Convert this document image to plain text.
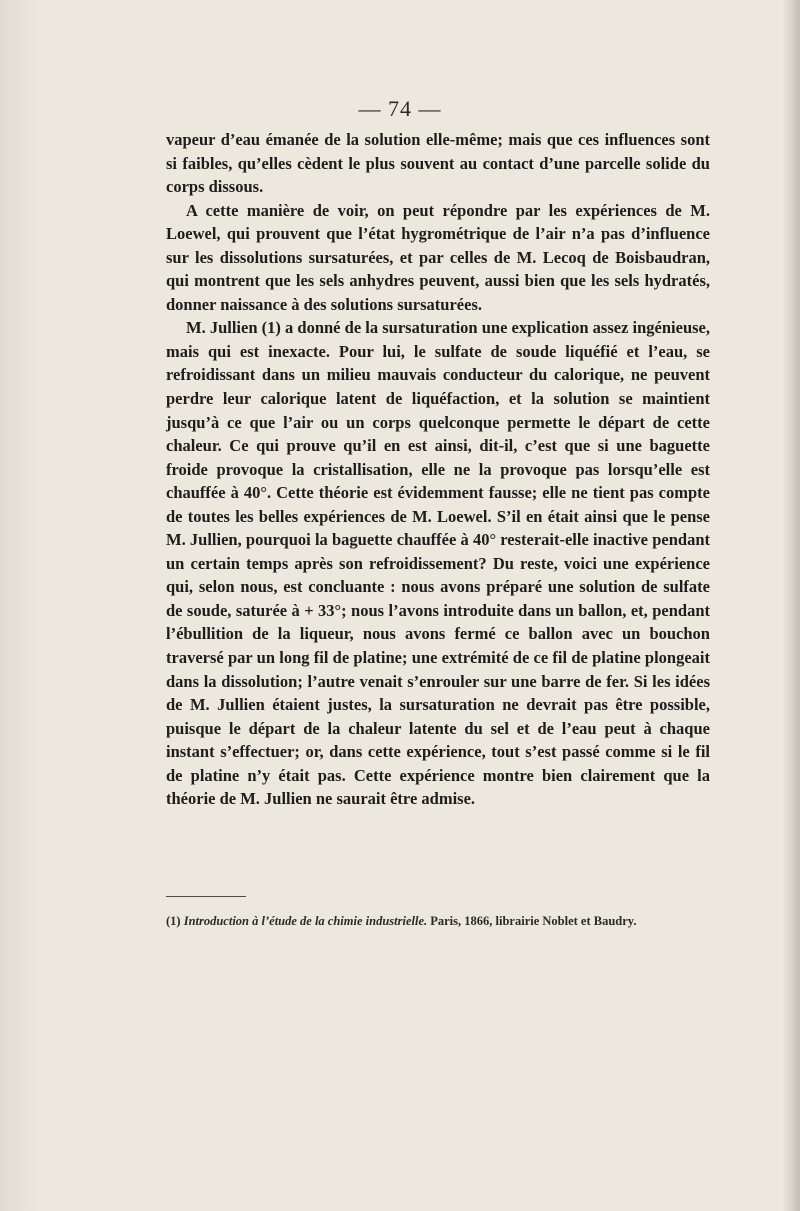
— 74 —

vapeur d’eau émanée de la solution elle-même; mais que ces influences sont si faibles, qu’elles cèdent le plus souvent au contact d’une parcelle solide du corps dissous.

A cette manière de voir, on peut répondre par les expériences de M. Loewel, qui prouvent que l’état hygrométrique de l’air n’a pas d’influence sur les dissolutions sursaturées, et par celles de M. Lecoq de Boisbaudran, qui montrent que les sels anhydres peuvent, aussi bien que les sels hydratés, donner naissance à des solutions sursaturées.

M. Jullien (1) a donné de la sursaturation une explication assez ingénieuse, mais qui est inexacte. Pour lui, le sulfate de soude liquéfié et l’eau, se refroidissant dans un milieu mauvais conducteur du calorique, ne peuvent perdre leur calorique latent de liquéfaction, et la solution se maintient jusqu’à ce que l’air ou un corps quelconque permette le départ de cette chaleur. Ce qui prouve qu’il en est ainsi, dit-il, c’est que si une baguette froide provoque la cristallisation, elle ne la provoque pas lorsqu’elle est chauffée à 40°. Cette théorie est évidemment fausse; elle ne tient pas compte de toutes les belles expériences de M. Loewel. S’il en était ainsi que le pense M. Jullien, pourquoi la baguette chauffée à 40° resterait-elle inactive pendant un certain temps après son refroidissement? Du reste, voici une expérience qui, selon nous, est concluante : nous avons préparé une solution de sulfate de soude, saturée à + 33°; nous l’avons introduite dans un ballon, et, pendant l’ébullition de la liqueur, nous avons fermé ce ballon avec un bouchon traversé par un long fil de platine; une extrémité de ce fil de platine plongeait dans la dissolution; l’autre venait s’enrouler sur une barre de fer. Si les idées de M. Jullien étaient justes, la sursaturation ne devrait pas être possible, puisque le départ de la chaleur latente du sel et de l’eau peut à chaque instant s’effectuer; or, dans cette expérience, tout s’est passé comme si le fil de platine n’y était pas. Cette expérience montre bien clairement que la théorie de M. Jullien ne saurait être admise.

(1) Introduction à l’étude de la chimie industrielle. Paris, 1866, librairie Noblet et Baudry.
